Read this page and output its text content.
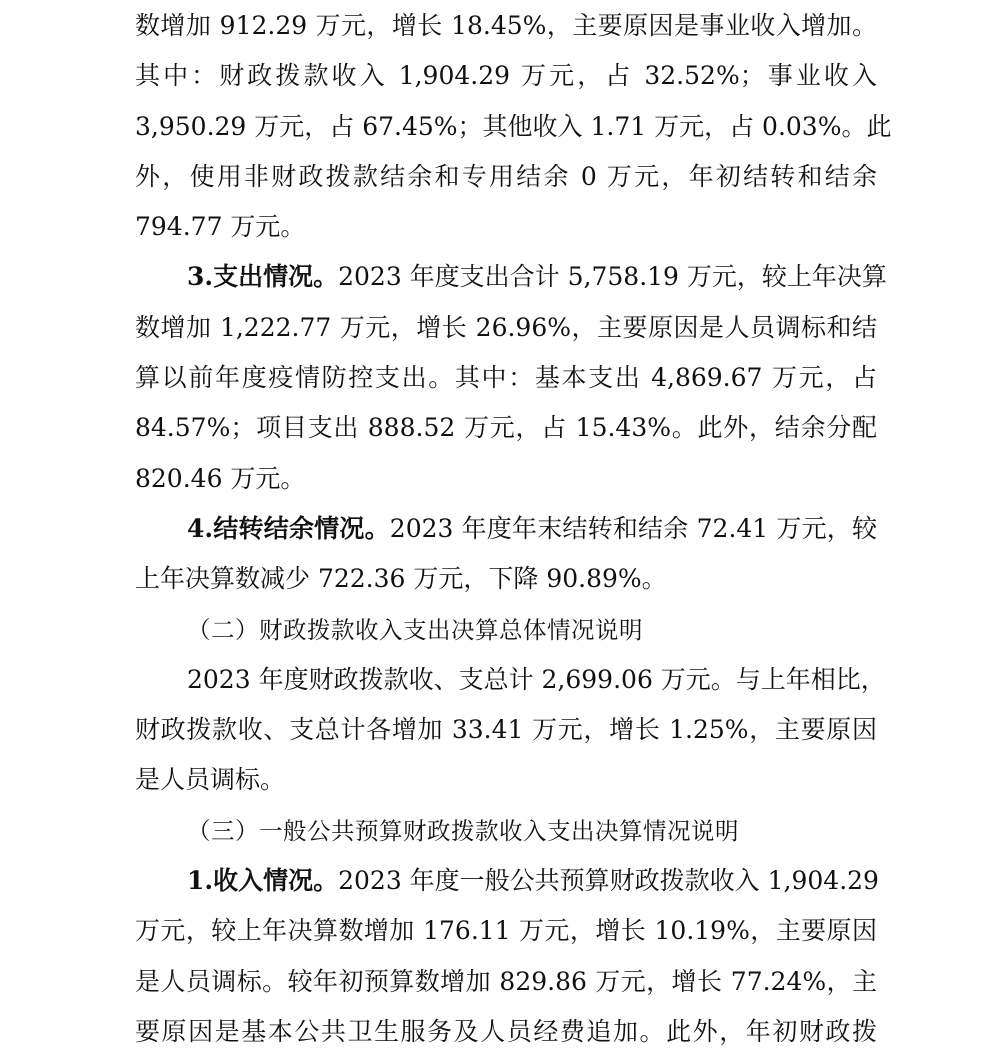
数增加 912.29 万元，增长 18.45%，主要原因是事业收入增加。
其中：财政拨款收入 1,904.29 万元，占 32.52%；事业收入
3,950.29 万元，占 67.45%；其他收入 1.71 万元，占 0.03%。此
外，使用非财政拨款结余和专用结余 0 万元，年初结转和结余
794.77 万元。
3.支出情况。2023 年度支出合计 5,758.19 万元，较上年决算
数增加 1,222.77 万元，增长 26.96%，主要原因是人员调标和结
算以前年度疫情防控支出。其中：基本支出 4,869.67 万元，占
84.57%；项目支出 888.52 万元，占 15.43%。此外，结余分配
820.46 万元。
4.结转结余情况。2023 年度年末结转和结余 72.41 万元，较
上年决算数减少 722.36 万元，下降 90.89%。
（二）财政拨款收入支出决算总体情况说明
2023 年度财政拨款收、支总计 2,699.06 万元。与上年相比，
财政拨款收、支总计各增加 33.41 万元，增长 1.25%，主要原因
是人员调标。
（三）一般公共预算财政拨款收入支出决算情况说明
1.收入情况。2023 年度一般公共预算财政拨款收入 1,904.29
万元，较上年决算数增加 176.11 万元，增长 10.19%，主要原因
是人员调标。较年初预算数增加 829.86 万元，增长 77.24%，主
要原因是基本公共卫生服务及人员经费追加。此外，年初财政拨
